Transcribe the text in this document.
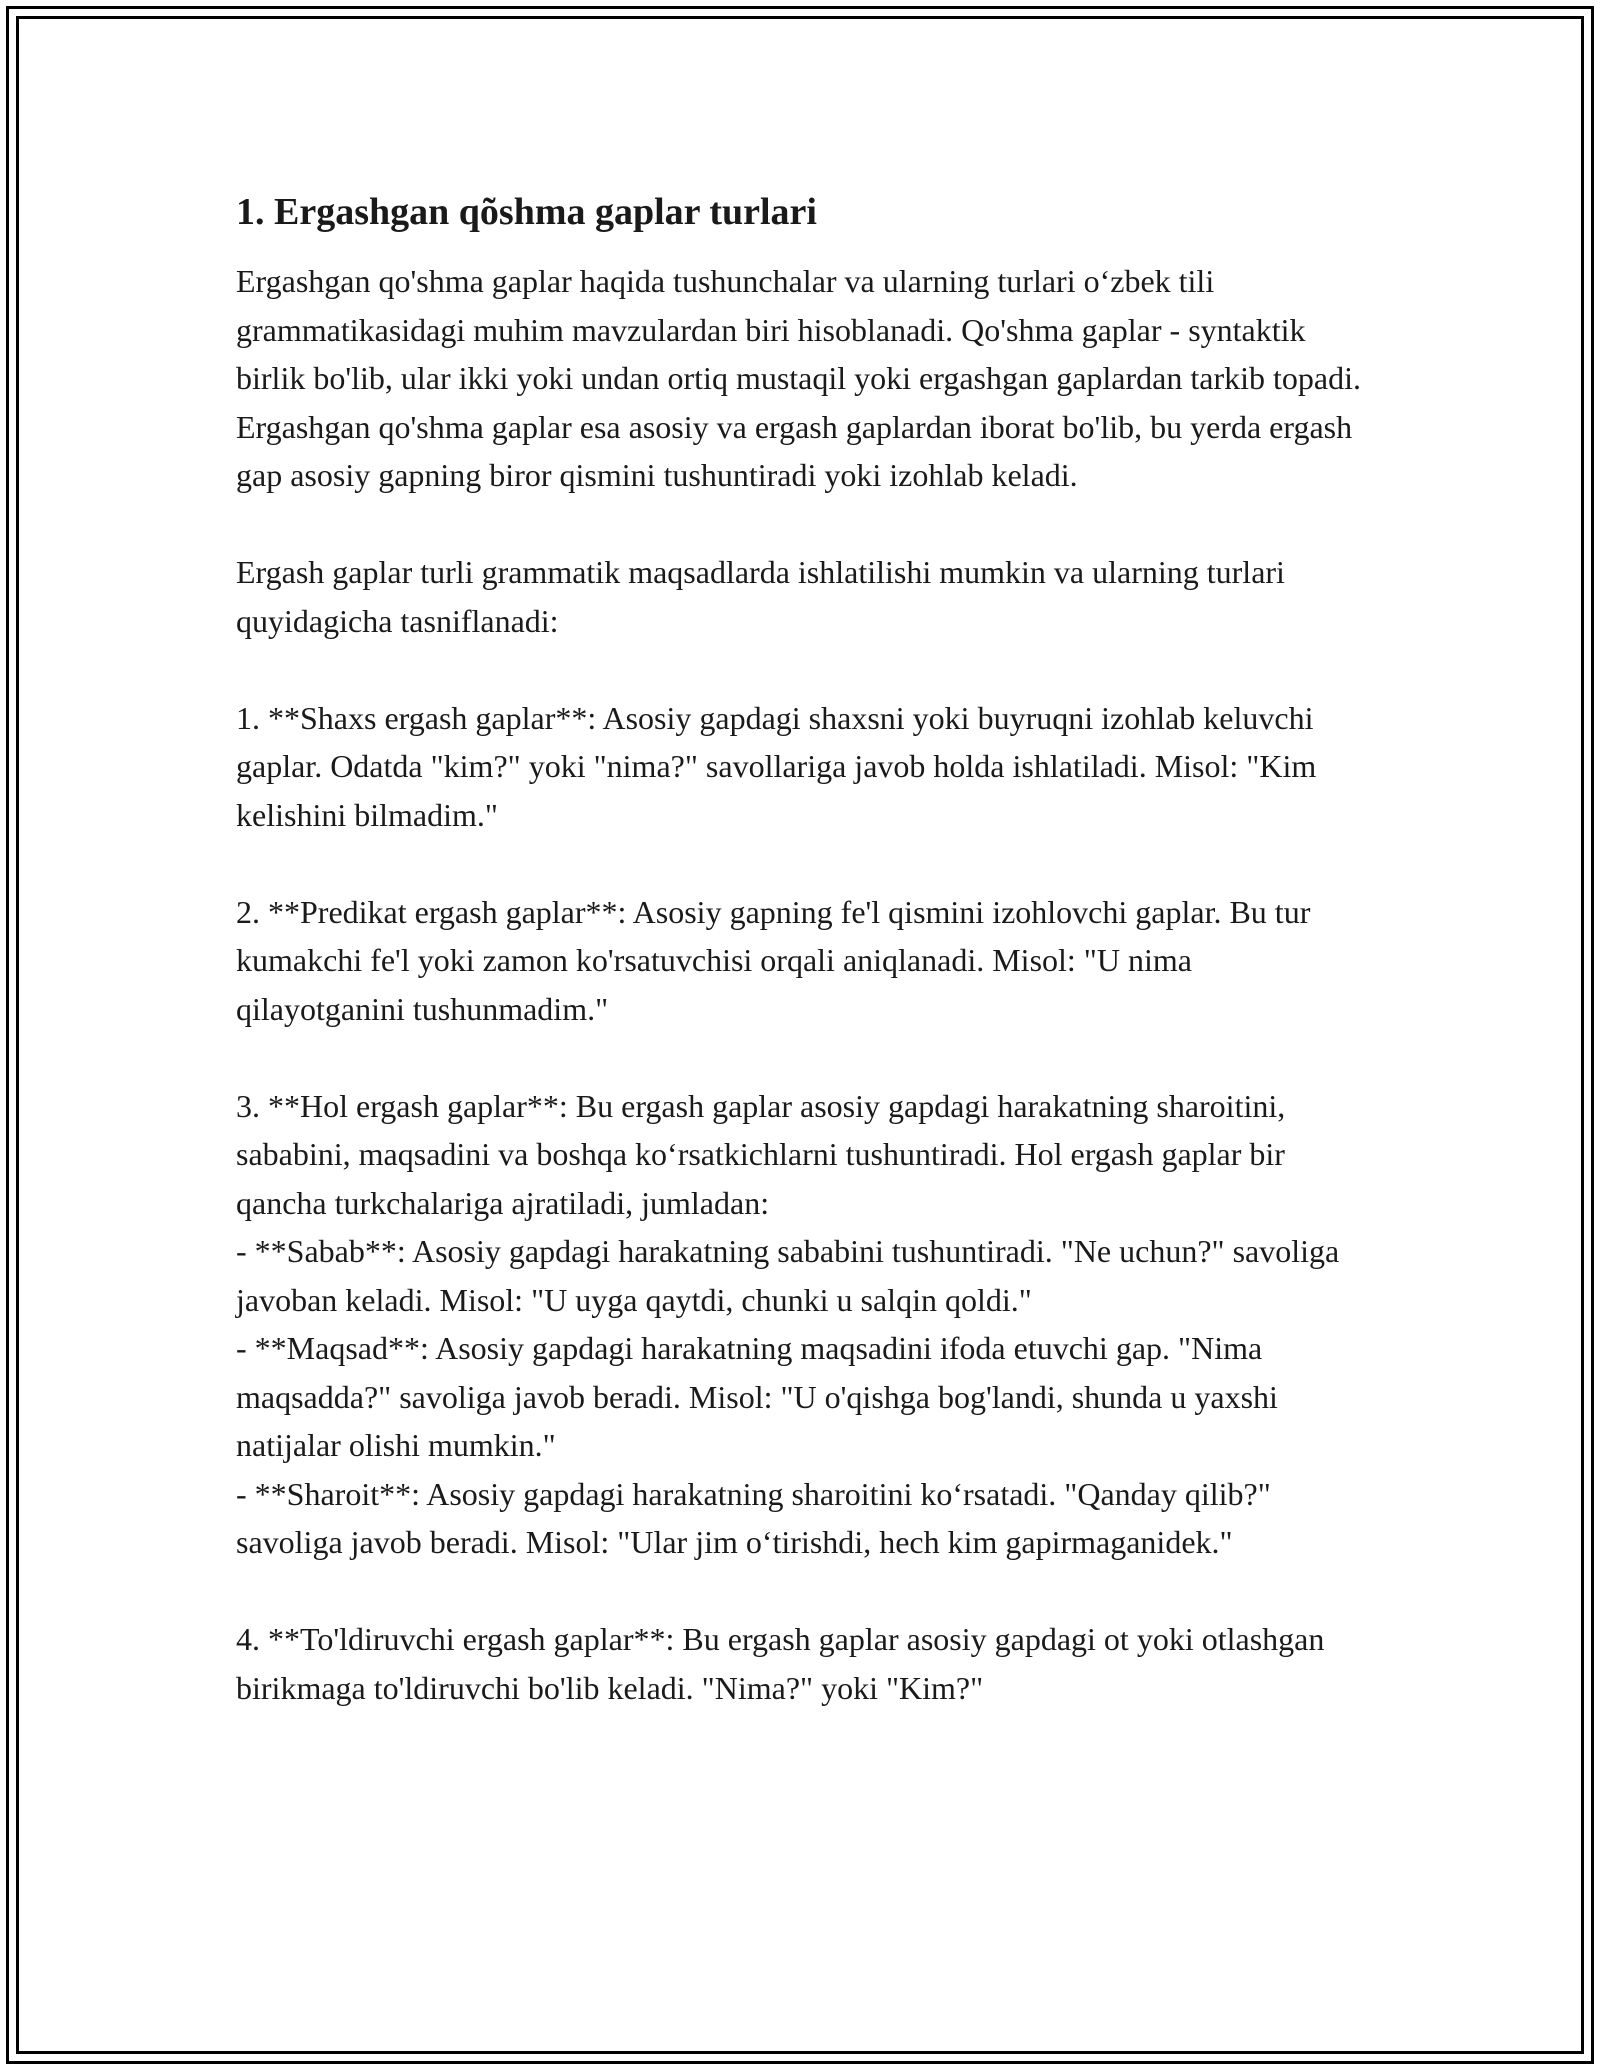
1. Ergashgan qõshma gaplar turlari

Ergashgan qo'shma gaplar haqida tushunchalar va ularning turlari o‘zbek tili grammatikasidagi muhim mavzulardan biri hisoblanadi. Qo'shma gaplar - syntaktik birlik bo'lib, ular ikki yoki undan ortiq mustaqil yoki ergashgan gaplardan tarkib topadi. Ergashgan qo'shma gaplar esa asosiy va ergash gaplardan iborat bo'lib, bu yerda ergash gap asosiy gapning biror qismini tushuntiradi yoki izohlab keladi.

Ergash gaplar turli grammatik maqsadlarda ishlatilishi mumkin va ularning turlari quyidagicha tasniflanadi:

1. **Shaxs ergash gaplar**: Asosiy gapdagi shaxsni yoki buyruqni izohlab keluvchi gaplar. Odatda "kim?" yoki "nima?" savollariga javob holda ishlatiladi. Misol: "Kim kelishini bilmadim."

2. **Predikat ergash gaplar**: Asosiy gapning fe'l qismini izohlovchi gaplar. Bu tur kumakchi fe'l yoki zamon ko'rsatuvchisi orqali aniqlanadi. Misol: "U nima qilayotganini tushunmadim."

3. **Hol ergash gaplar**: Bu ergash gaplar asosiy gapdagi harakatning sharoitini, sababini, maqsadini va boshqa ko‘rsatkichlarni tushuntiradi. Hol ergash gaplar bir qancha turkchalariga ajratiladi, jumladan:
- **Sabab**: Asosiy gapdagi harakatning sababini tushuntiradi. "Ne uchun?" savoliga javoban keladi. Misol: "U uyga qaytdi, chunki u salqin qoldi."
- **Maqsad**: Asosiy gapdagi harakatning maqsadini ifoda etuvchi gap. "Nima maqsadda?" savoliga javob beradi. Misol: "U o'qishga bog'landi, shunda u yaxshi natijalar olishi mumkin."
- **Sharoit**: Asosiy gapdagi harakatning sharoitini ko‘rsatadi. "Qanday qilib?" savoliga javob beradi. Misol: "Ular jim o‘tirishdi, hech kim gapirmaganidek."

4. **To'ldiruvchi ergash gaplar**: Bu ergash gaplar asosiy gapdagi ot yoki otlashgan birikmaga to'ldiruvchi bo'lib keladi. "Nima?" yoki "Kim?"
